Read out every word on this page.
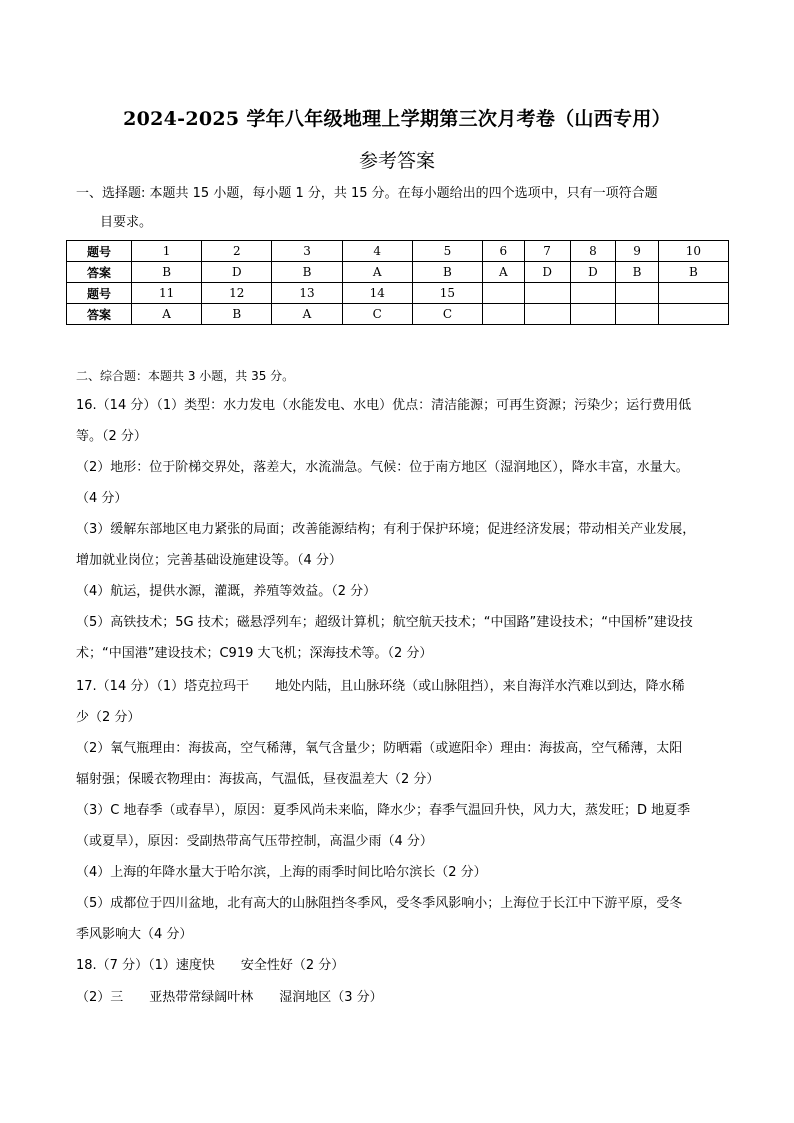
2024-2025 学年八年级地理上学期第三次月考卷（山西专用）
参考答案
一、选择题: 本题共 15 小题，每小题 1 分，共 15 分。在每小题给出的四个选项中，只有一项符合题
目要求。
题号	1	2	3	4	5	6	7	8	9	10
答案	B	D	B	A	B	A	D	D	B	B
题号	11	12	13	14	15					
答案	A	B	A	C	C					
二、综合题：本题共 3 小题，共 35 分。
16.（14 分）（1）类型：水力发电（水能发电、水电）优点：清洁能源；可再生资源；污染少；运行费用低
等。（2 分）
（2）地形：位于阶梯交界处，落差大，水流湍急。气候：位于南方地区（湿润地区），降水丰富，水量大。
（4 分）
（3）缓解东部地区电力紧张的局面；改善能源结构；有利于保护环境；促进经济发展；带动相关产业发展，
增加就业岗位；完善基础设施建设等。（4 分）
（4）航运，提供水源，灌溉，养殖等效益。（2 分）
（5）高铁技术；5G 技术；磁悬浮列车；超级计算机；航空航天技术；“中国路”建设技术；“中国桥”建设技
术；“中国港”建设技术；C919 大飞机；深海技术等。（2 分）
17.（14 分）（1）塔克拉玛干　　地处内陆，且山脉环绕（或山脉阻挡），来自海洋水汽难以到达，降水稀
少（2 分）
（2）氧气瓶理由：海拔高，空气稀薄，氧气含量少；防晒霜（或遮阳伞）理由：海拔高，空气稀薄，太阳
辐射强；保暖衣物理由：海拔高，气温低，昼夜温差大（2 分）
（3）C 地春季（或春旱），原因：夏季风尚未来临，降水少；春季气温回升快，风力大，蒸发旺；D 地夏季
（或夏旱），原因：受副热带高气压带控制，高温少雨（4 分）
（4）上海的年降水量大于哈尔滨，上海的雨季时间比哈尔滨长（2 分）
（5）成都位于四川盆地，北有高大的山脉阻挡冬季风，受冬季风影响小；上海位于长江中下游平原，受冬
季风影响大（4 分）
18.（7 分）（1）速度快　　安全性好（2 分）
（2）三　　亚热带常绿阔叶林　　湿润地区（3 分）
